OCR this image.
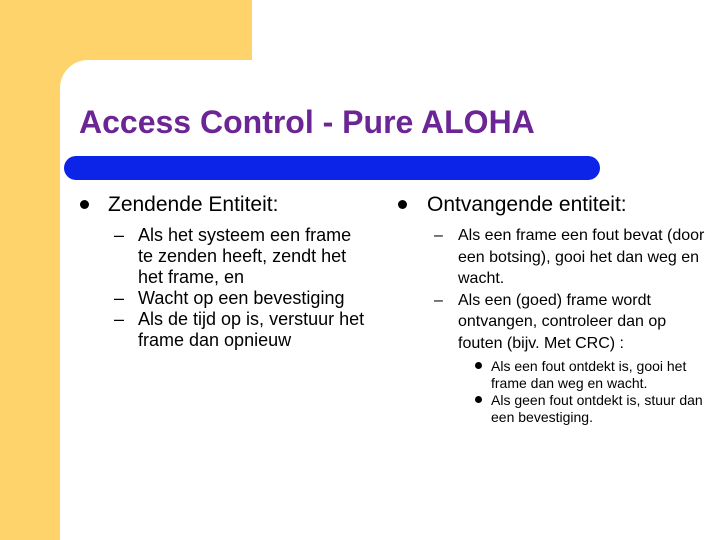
Access Control - Pure ALOHA
Zendende Entiteit:
– Als het systeem een frame te zenden heeft, zendt het het frame, en
– Wacht op een bevestiging
– Als de tijd op is, verstuur het frame dan opnieuw
Ontvangende entiteit:
– Als een frame een fout bevat (door een botsing), gooi het dan weg en wacht.
– Als een (goed) frame wordt ontvangen, controleer dan op fouten (bijv. Met CRC) :
Als een fout ontdekt is, gooi het frame dan weg en wacht.
Als geen fout ontdekt is, stuur dan een bevestiging.
